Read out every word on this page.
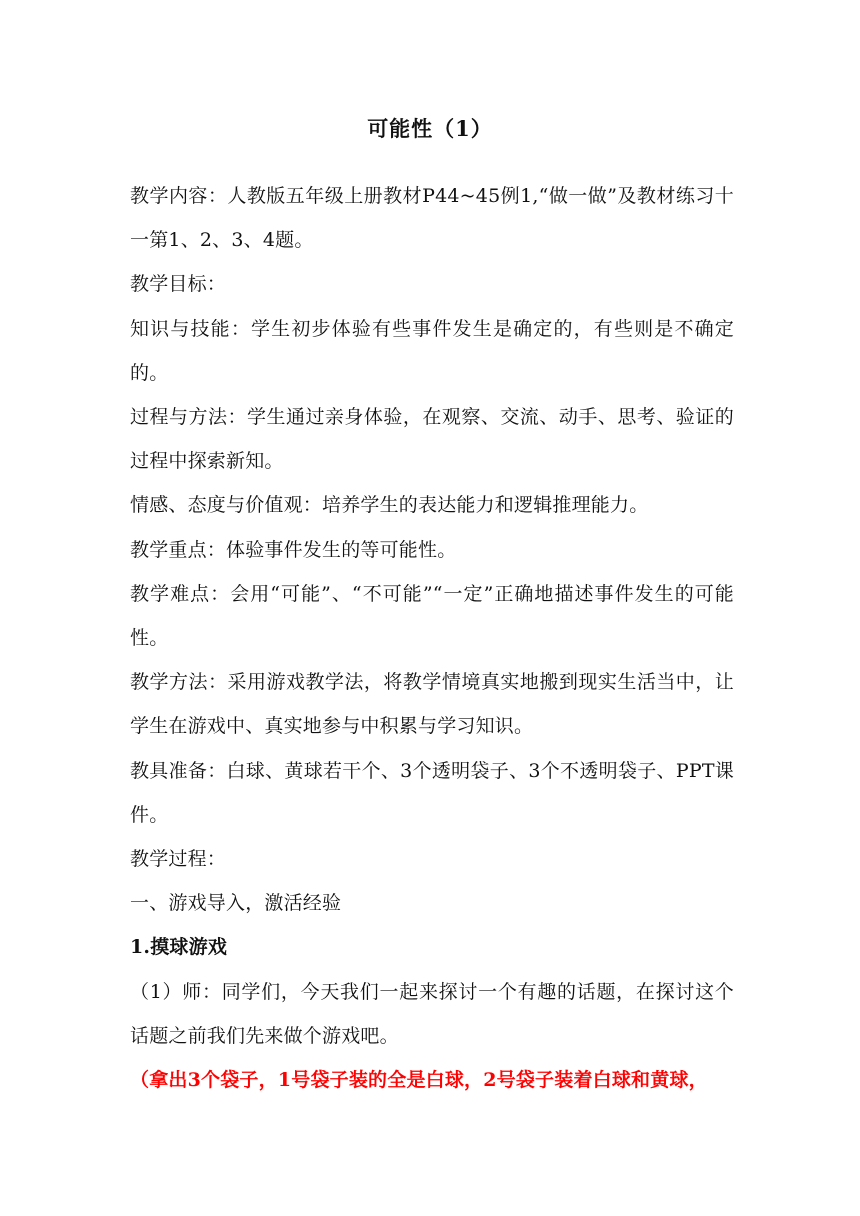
可能性（1）

教学内容：人教版五年级上册教材P44~45例1,“做一做”及教材练习十一第1、2、3、4题。

教学目标：

知识与技能：学生初步体验有些事件发生是确定的，有些则是不确定的。

过程与方法：学生通过亲身体验，在观察、交流、动手、思考、验证的过程中探索新知。

情感、态度与价值观：培养学生的表达能力和逻辑推理能力。

教学重点：体验事件发生的等可能性。

教学难点：会用“可能”、“不可能”“一定”正确地描述事件发生的可能性。

教学方法：采用游戏教学法，将教学情境真实地搬到现实生活当中，让学生在游戏中、真实地参与中积累与学习知识。

教具准备：白球、黄球若干个、3个透明袋子、3个不透明袋子、PPT课件。

教学过程：

一、游戏导入，激活经验

1.摸球游戏

（1）师：同学们，今天我们一起来探讨一个有趣的话题，在探讨这个话题之前我们先来做个游戏吧。

（拿出3个袋子，1号袋子装的全是白球，2号袋子装着白球和黄球，
